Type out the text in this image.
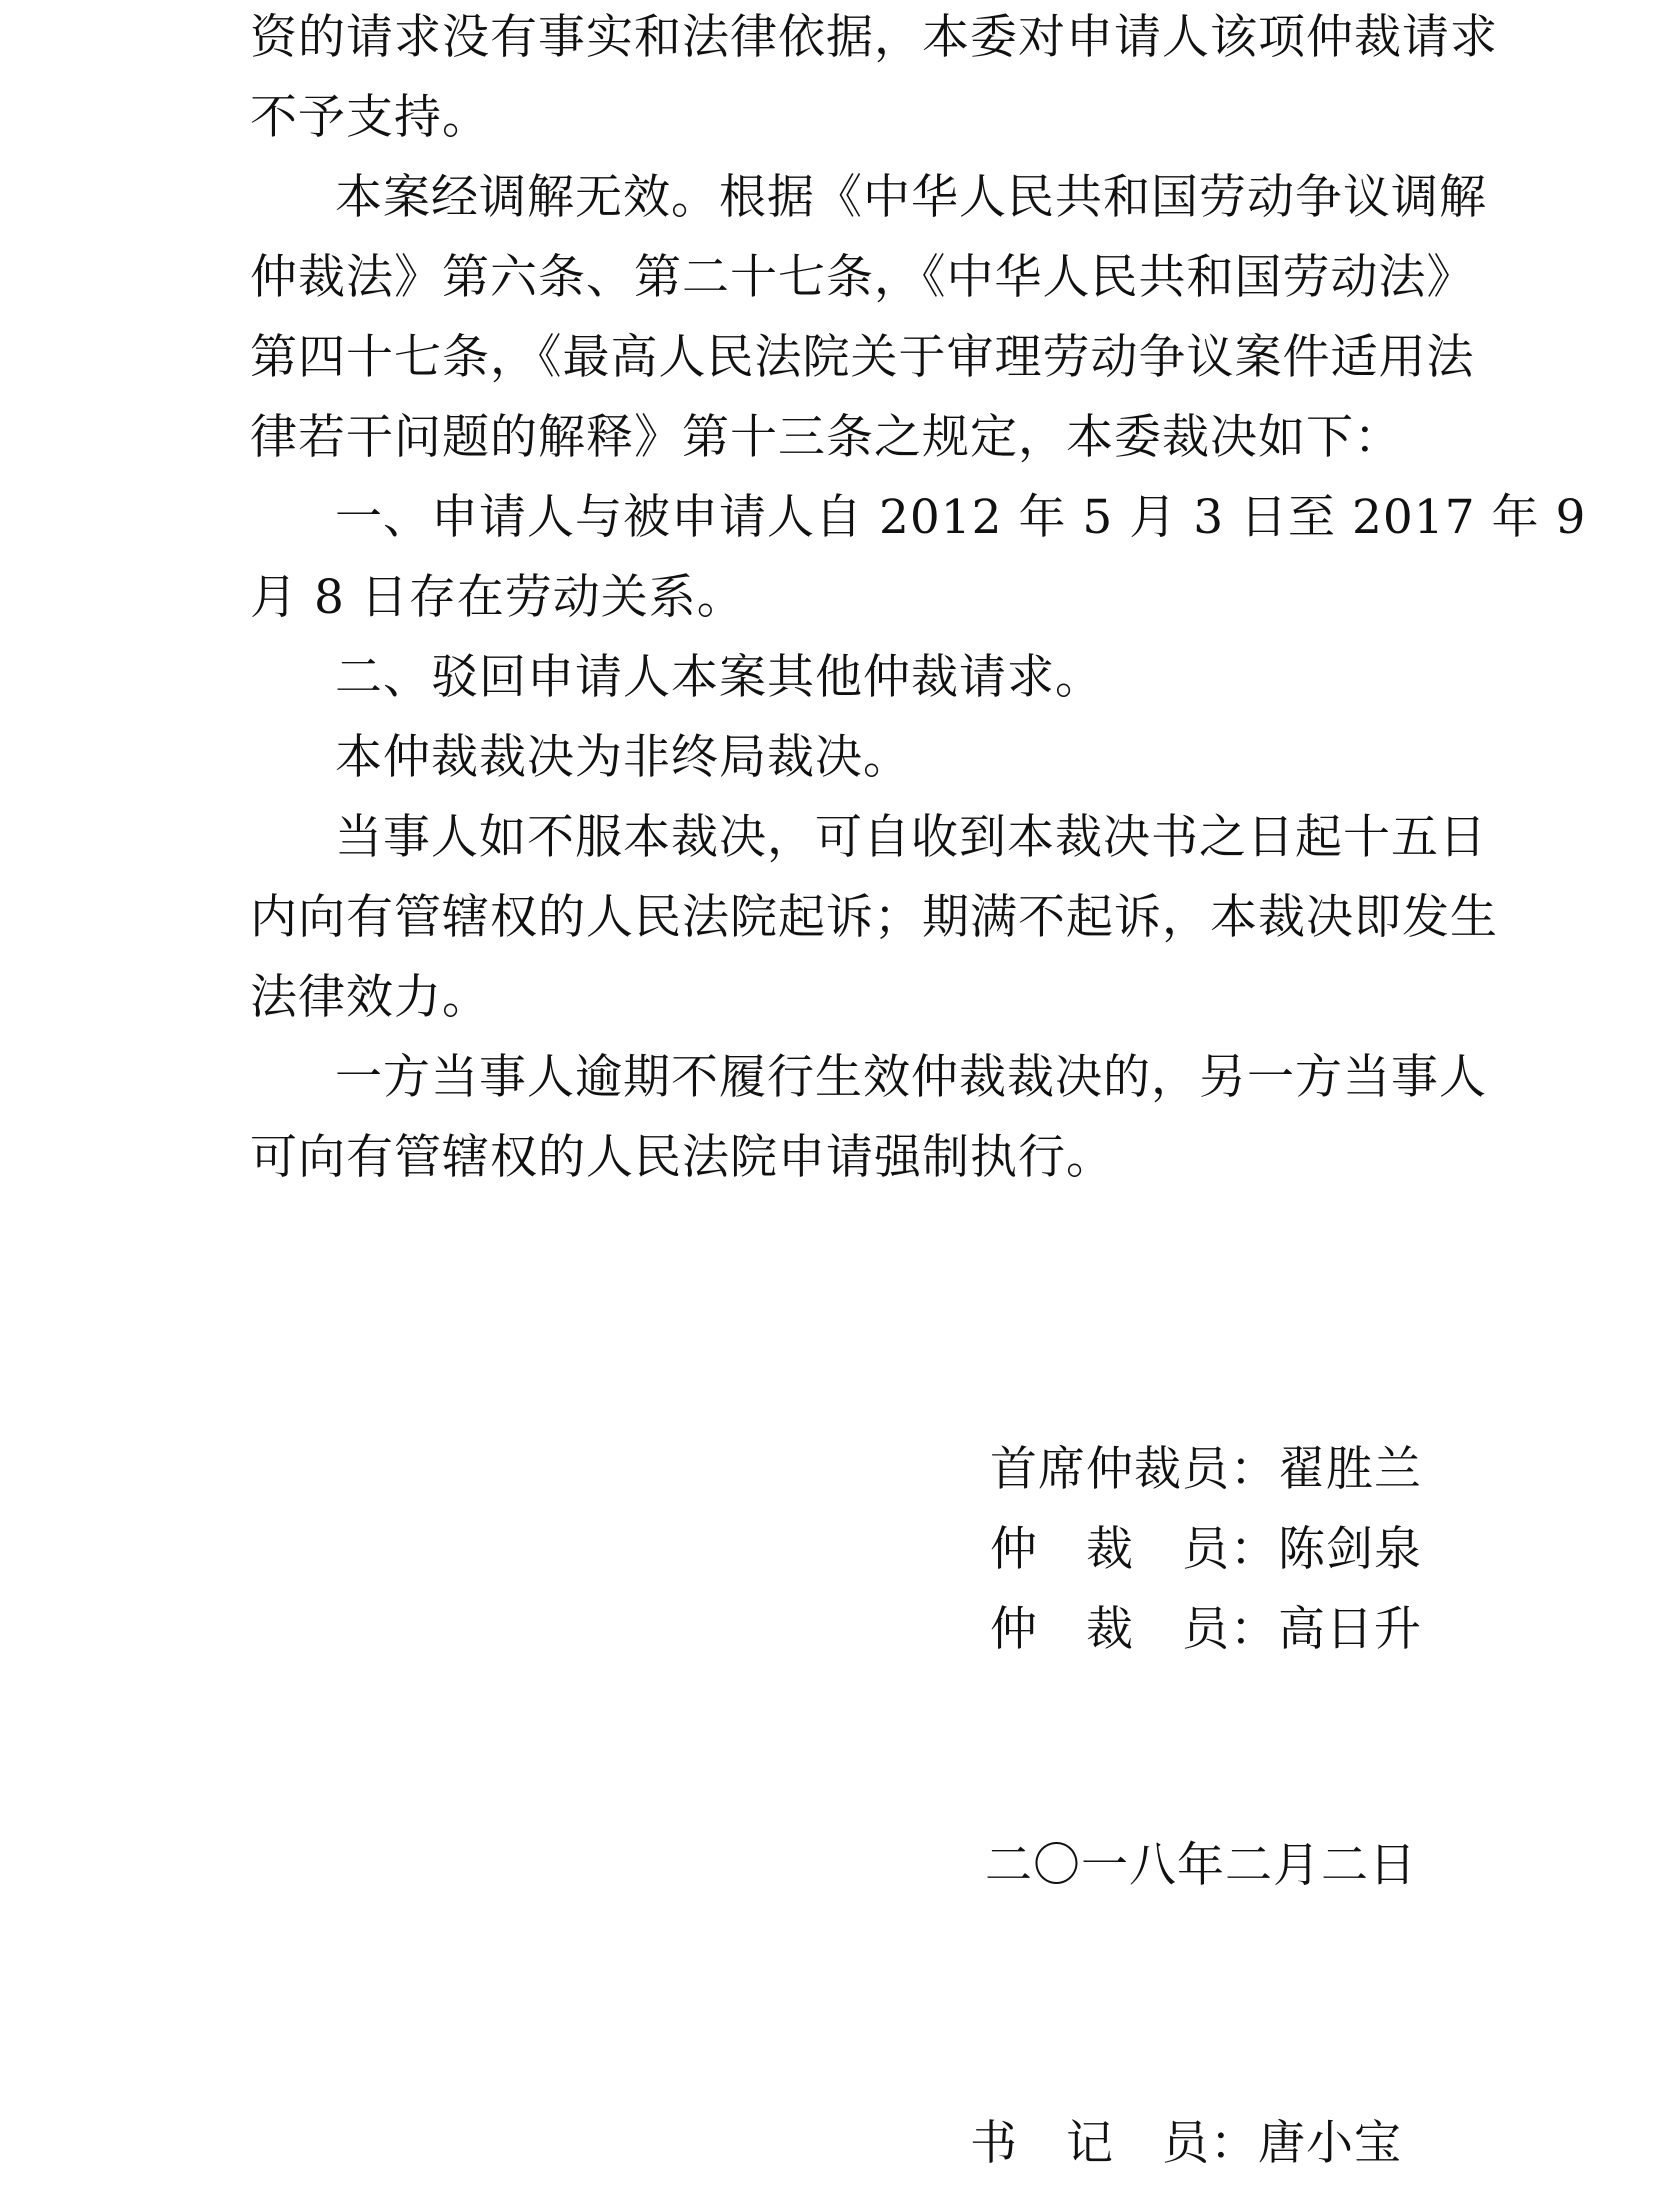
资的请求没有事实和法律依据，本委对申请人该项仲裁请求
不予支持。
本案经调解无效。根据《中华人民共和国劳动争议调解
仲裁法》第六条、第二十七条，《中华人民共和国劳动法》
第四十七条，《最高人民法院关于审理劳动争议案件适用法
律若干问题的解释》第十三条之规定，本委裁决如下：
一、申请人与被申请人自 2012 年 5 月 3 日至 2017 年 9
月 8 日存在劳动关系。
二、驳回申请人本案其他仲裁请求。
本仲裁裁决为非终局裁决。
当事人如不服本裁决，可自收到本裁决书之日起十五日
内向有管辖权的人民法院起诉；期满不起诉，本裁决即发生
法律效力。
一方当事人逾期不履行生效仲裁裁决的，另一方当事人
可向有管辖权的人民法院申请强制执行。
首席仲裁员：翟胜兰
仲　裁　员：陈剑泉
仲　裁　员：高日升
二〇一八年二月二日
书　记　员：唐小宝
